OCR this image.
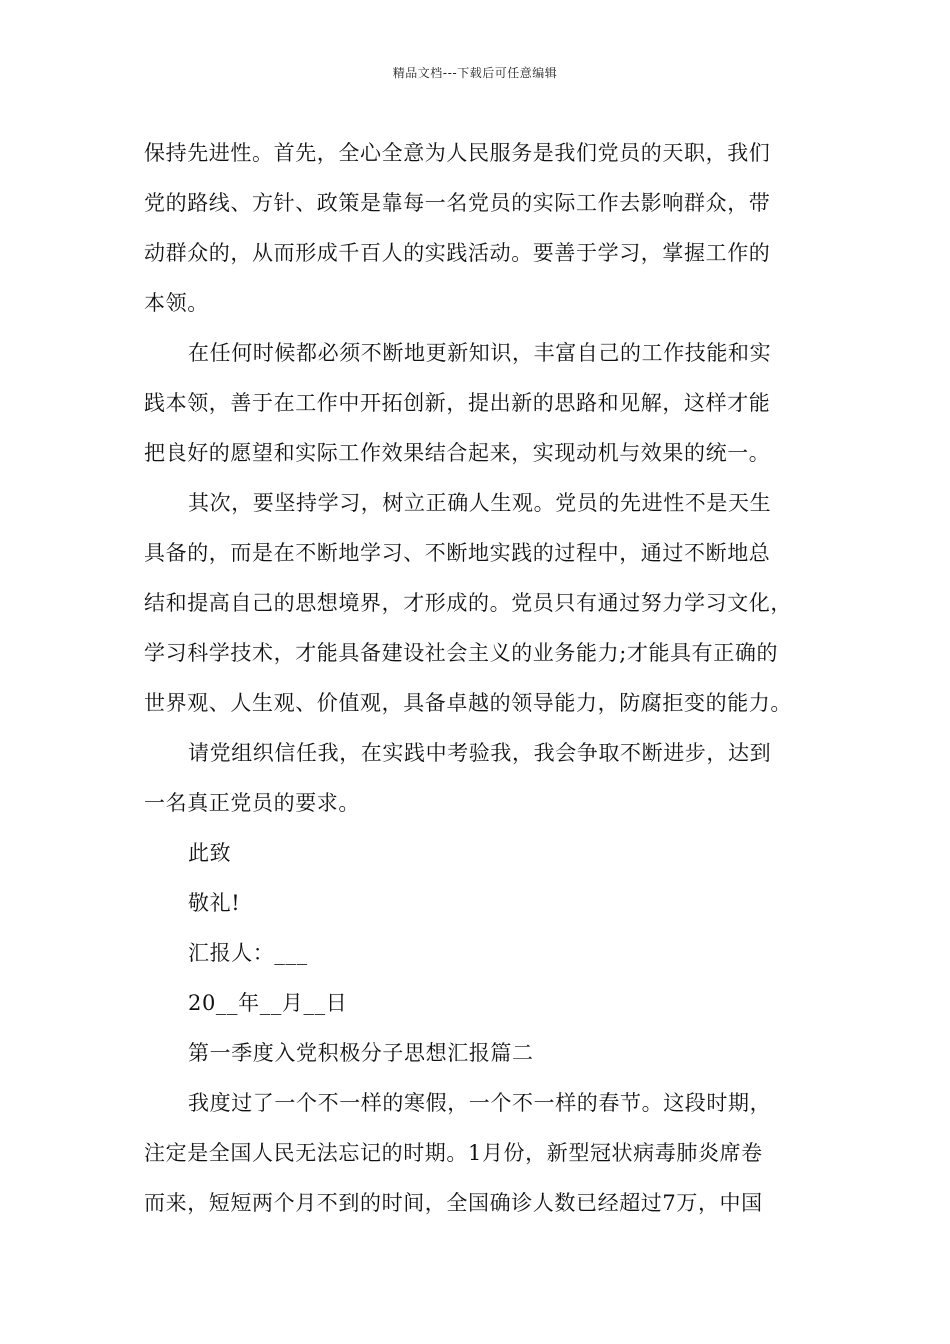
精品文档---下载后可任意编辑
保持先进性。首先，全心全意为人民服务是我们党员的天职，我们
党的路线、方针、政策是靠每一名党员的实际工作去影响群众，带
动群众的，从而形成千百人的实践活动。要善于学习，掌握工作的
本领。
在任何时候都必须不断地更新知识，丰富自己的工作技能和实
践本领，善于在工作中开拓创新，提出新的思路和见解，这样才能
把良好的愿望和实际工作效果结合起来，实现动机与效果的统一。
其次，要坚持学习，树立正确人生观。党员的先进性不是天生
具备的，而是在不断地学习、不断地实践的过程中，通过不断地总
结和提高自己的思想境界，才形成的。党员只有通过努力学习文化，
学习科学技术，才能具备建设社会主义的业务能力;才能具有正确的
世界观、人生观、价值观，具备卓越的领导能力，防腐拒变的能力。
请党组织信任我，在实践中考验我，我会争取不断进步，达到
一名真正党员的要求。
此致
敬礼!
汇报人：___
20__年__月__日
第一季度入党积极分子思想汇报篇二
我度过了一个不一样的寒假，一个不一样的春节。这段时期，
注定是全国人民无法忘记的时期。1月份，新型冠状病毒肺炎席卷
而来，短短两个月不到的时间，全国确诊人数已经超过7万，中国
